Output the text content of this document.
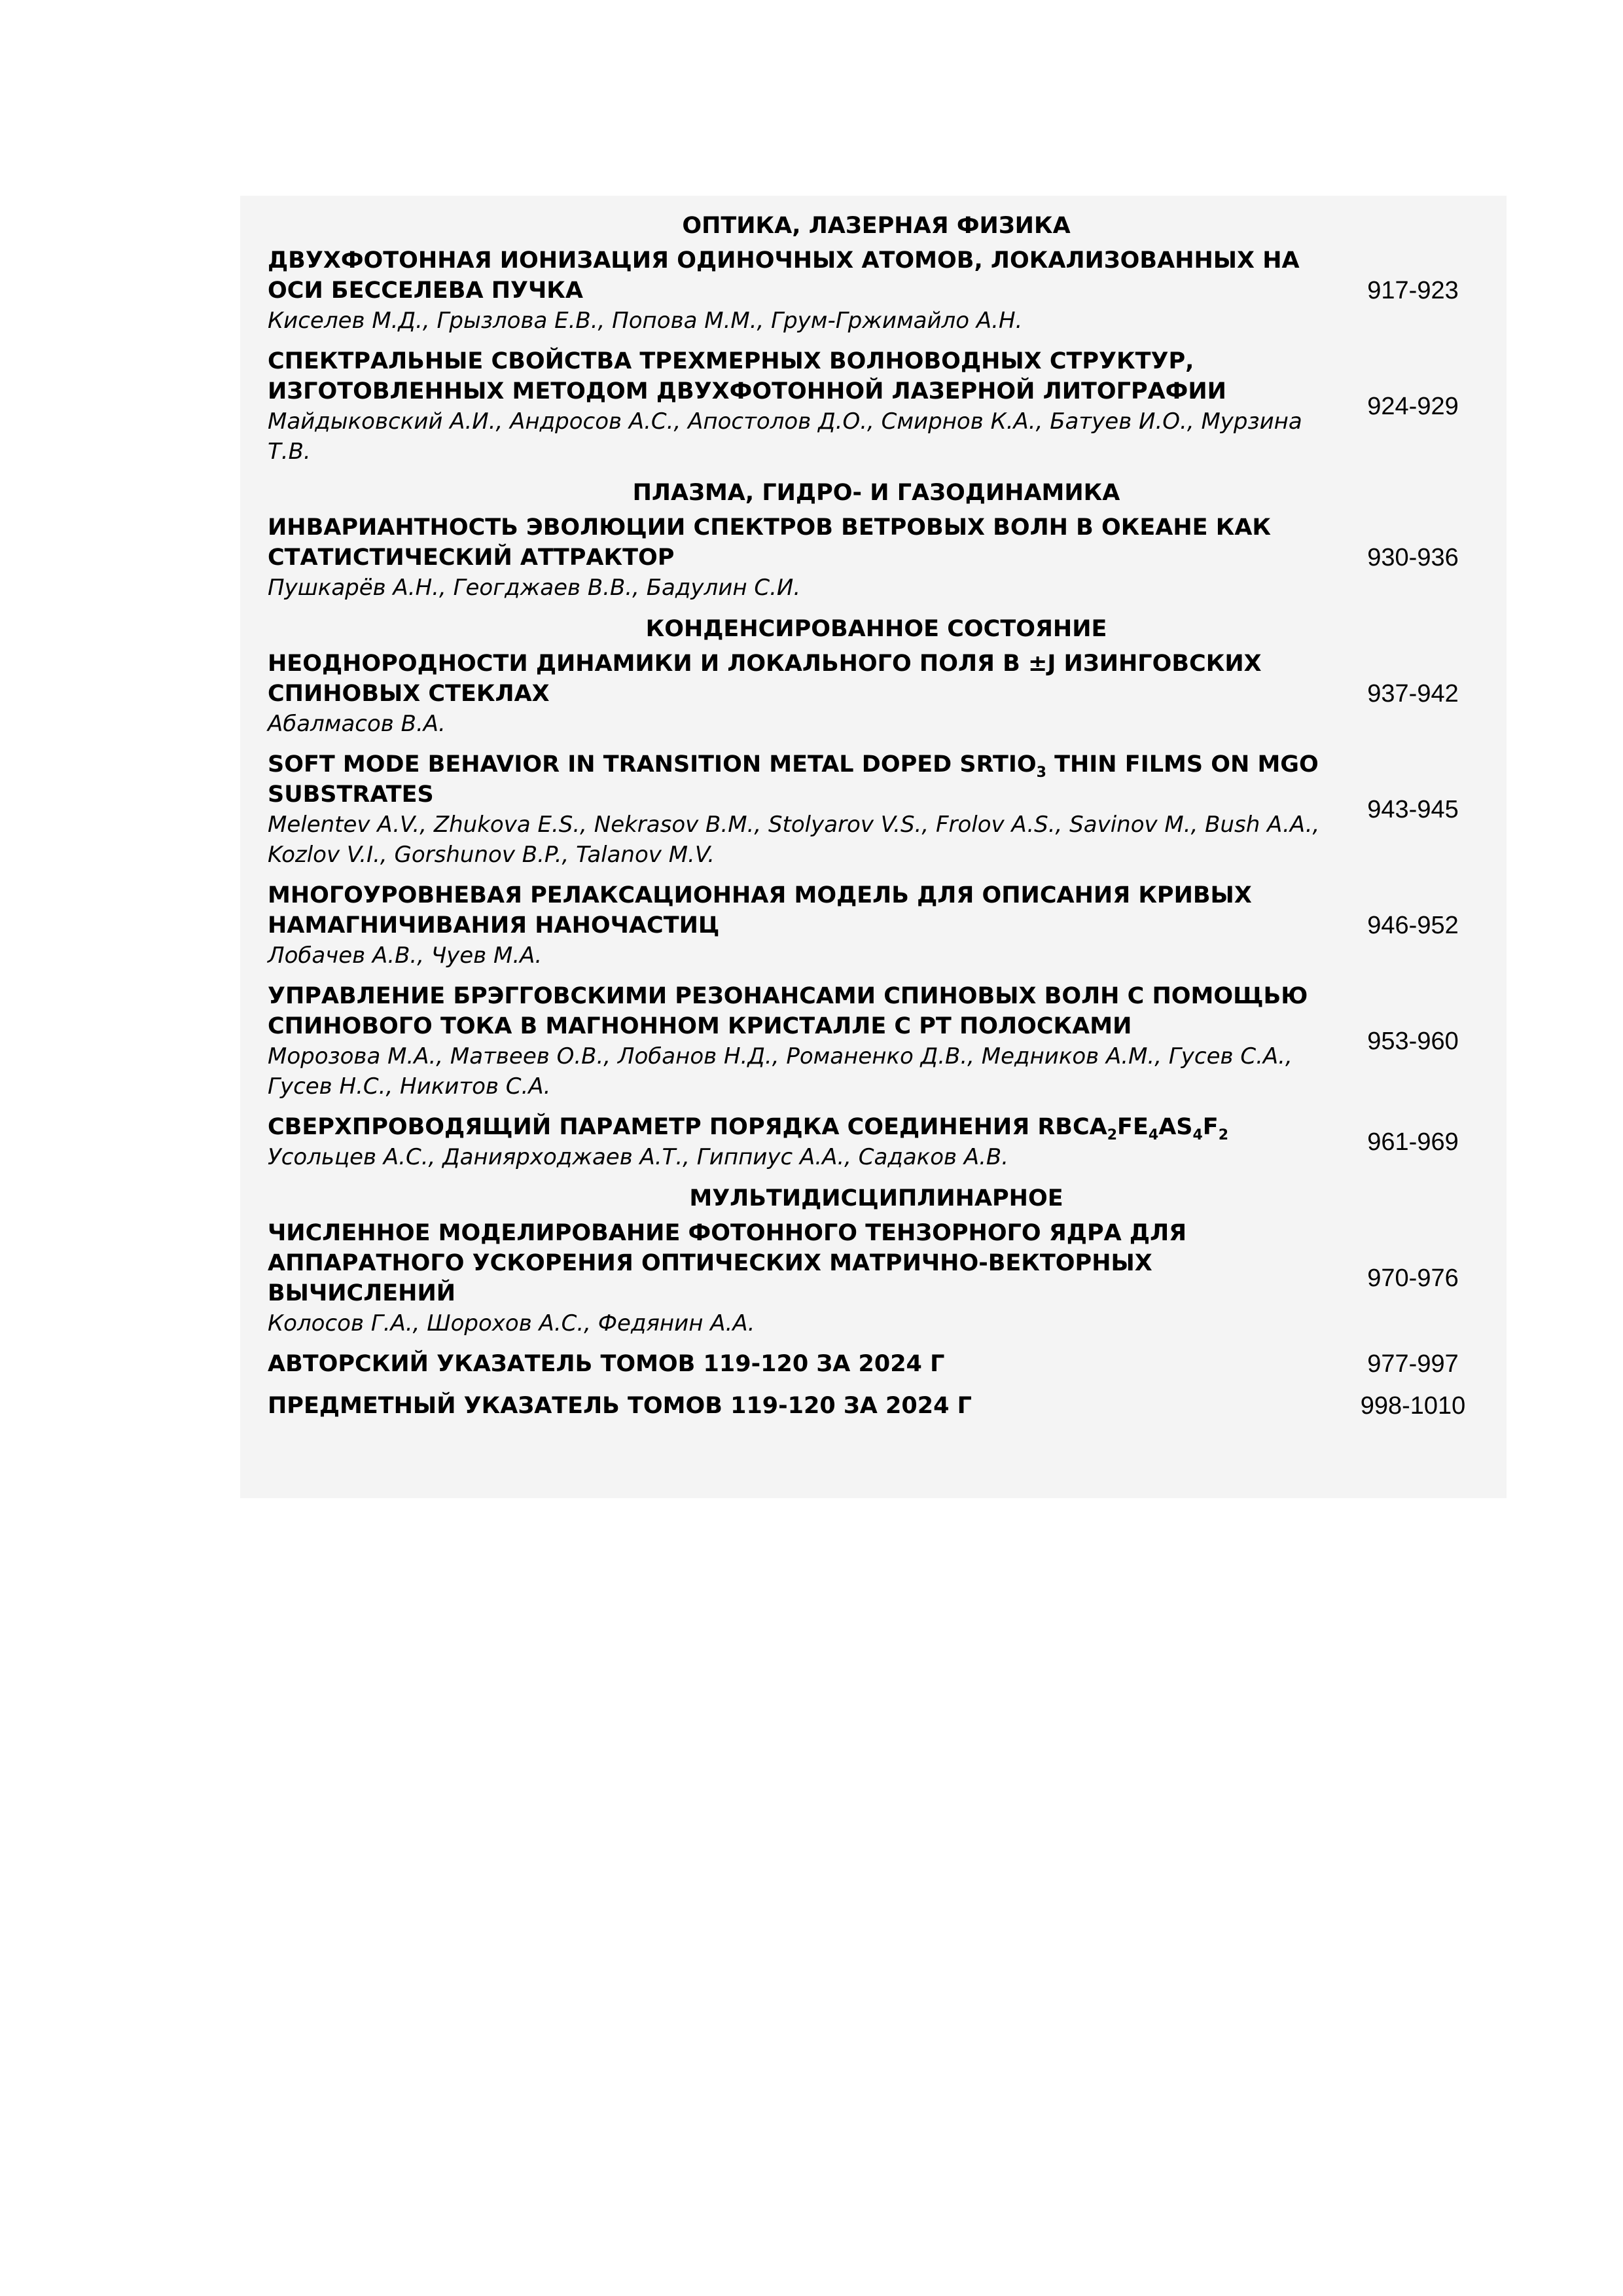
ОПТИКА, ЛАЗЕРНАЯ ФИЗИКА
ДВУХФОТОННАЯ ИОНИЗАЦИЯ ОДИНОЧНЫХ АТОМОВ, ЛОКАЛИЗОВАННЫХ НА ОСИ БЕССЕЛЕВА ПУЧКА
Киселев М.Д., Грызлова Е.В., Попова М.М., Грум-Гржимайло А.Н.
917-923
СПЕКТРАЛЬНЫЕ СВОЙСТВА ТРЕХМЕРНЫХ ВОЛНОВОДНЫХ СТРУКТУР, ИЗГОТОВЛЕННЫХ МЕТОДОМ ДВУХФОТОННОЙ ЛАЗЕРНОЙ ЛИТОГРАФИИ
Майдыковский А.И., Андросов А.С., Апостолов Д.О., Смирнов К.А., Батуев И.О., Мурзина Т.В.
924-929
ПЛАЗМА, ГИДРО- И ГАЗОДИНАМИКА
ИНВАРИАНТНОСТЬ ЭВОЛЮЦИИ СПЕКТРОВ ВЕТРОВЫХ ВОЛН В ОКЕАНЕ КАК СТАТИСТИЧЕСКИЙ АТТРАКТОР
Пушкарёв А.Н., Геогджаев В.В., Бадулин С.И.
930-936
КОНДЕНСИРОВАННОЕ СОСТОЯНИЕ
НЕОДНОРОДНОСТИ ДИНАМИКИ И ЛОКАЛЬНОГО ПОЛЯ В ±J ИЗИНГОВСКИХ СПИНОВЫХ СТЕКЛАХ
Абалмасов В.А.
937-942
SOFT MODE BEHAVIOR IN TRANSITION METAL DOPED $SRTIO_3$ THIN FILMS ON MGO SUBSTRATES
Melentev A.V., Zhukova E.S., Nekrasov B.M., Stolyarov V.S., Frolov A.S., Savinov M., Bush A.A., Kozlov V.I., Gorshunov B.P., Talanov M.V.
943-945
МНОГОУРОВНЕВАЯ РЕЛАКСАЦИОННАЯ МОДЕЛЬ ДЛЯ ОПИСАНИЯ КРИВЫХ НАМАГНИЧИВАНИЯ НАНОЧАСТИЦ
Лобачев А.В., Чуев М.А.
946-952
УПРАВЛЕНИЕ БРЭГГОВСКИМИ РЕЗОНАНСАМИ СПИНОВЫХ ВОЛН С ПОМОЩЬЮ СПИНОВОГО ТОКА В МАГНОННОМ КРИСТАЛЛЕ С PT ПОЛОСКАМИ
Морозова М.А., Матвеев О.В., Лобанов Н.Д., Романенко Д.В., Медников А.М., Гусев С.А., Гусев Н.С., Никитов С.А.
953-960
СВЕРХПРОВОДЯЩИЙ ПАРАМЕТР ПОРЯДКА СОЕДИНЕНИЯ $RBCA_2FE_4AS_4F_2$
Усольцев А.С., Даниярходжаев А.Т., Гиппиус А.А., Садаков А.В.
961-969
МУЛЬТИДИСЦИПЛИНАРНОЕ
ЧИСЛЕННОЕ МОДЕЛИРОВАНИЕ ФОТОННОГО ТЕНЗОРНОГО ЯДРА ДЛЯ АППАРАТНОГО УСКОРЕНИЯ ОПТИЧЕСКИХ МАТРИЧНО-ВЕКТОРНЫХ ВЫЧИСЛЕНИЙ
Колосов Г.А., Шорохов А.С., Федянин А.А.
970-976
АВТОРСКИЙ УКАЗАТЕЛЬ ТОМОВ 119-120 ЗА 2024 Г	977-997
ПРЕДМЕТНЫЙ УКАЗАТЕЛЬ ТОМОВ 119-120 ЗА 2024 Г	998-1010
